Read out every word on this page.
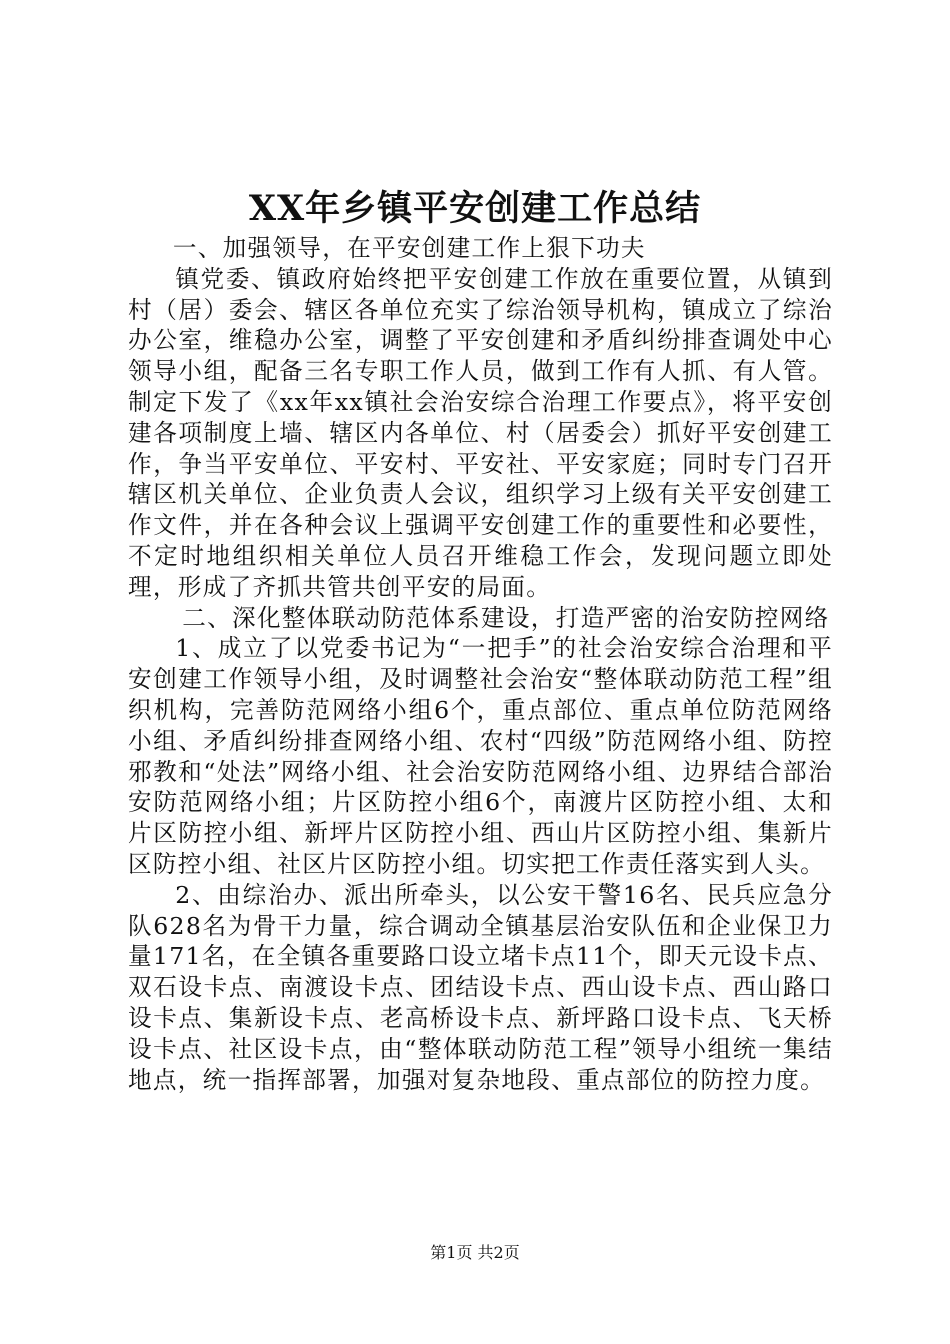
XX年乡镇平安创建工作总结

一、加强领导，在平安创建工作上狠下功夫

镇党委、镇政府始终把平安创建工作放在重要位置，从镇到村（居）委会、辖区各单位充实了综治领导机构，镇成立了综治办公室，维稳办公室，调整了平安创建和矛盾纠纷排查调处中心领导小组，配备三名专职工作人员，做到工作有人抓、有人管。制定下发了《xx年xx镇社会治安综合治理工作要点》，将平安创建各项制度上墙、辖区内各单位、村（居委会）抓好平安创建工作，争当平安单位、平安村、平安社、平安家庭；同时专门召开辖区机关单位、企业负责人会议，组织学习上级有关平安创建工作文件，并在各种会议上强调平安创建工作的重要性和必要性，不定时地组织相关单位人员召开维稳工作会，发现问题立即处理，形成了齐抓共管共创平安的局面。

二、深化整体联动防范体系建设，打造严密的治安防控网络

1、成立了以党委书记为“一把手”的社会治安综合治理和平安创建工作领导小组，及时调整社会治安“整体联动防范工程”组织机构，完善防范网络小组6个，重点部位、重点单位防范网络小组、矛盾纠纷排查网络小组、农村“四级”防范网络小组、防控邪教和“处法”网络小组、社会治安防范网络小组、边界结合部治安防范网络小组；片区防控小组6个，南渡片区防控小组、太和片区防控小组、新坪片区防控小组、西山片区防控小组、集新片区防控小组、社区片区防控小组。切实把工作责任落实到人头。

2、由综治办、派出所牵头，以公安干警16名、民兵应急分队628名为骨干力量，综合调动全镇基层治安队伍和企业保卫力量171名，在全镇各重要路口设立堵卡点11个，即天元设卡点、双石设卡点、南渡设卡点、团结设卡点、西山设卡点、西山路口设卡点、集新设卡点、老高桥设卡点、新坪路口设卡点、飞天桥设卡点、社区设卡点，由“整体联动防范工程”领导小组统一集结地点，统一指挥部署，加强对复杂地段、重点部位的防控力度。

第1页 共2页
